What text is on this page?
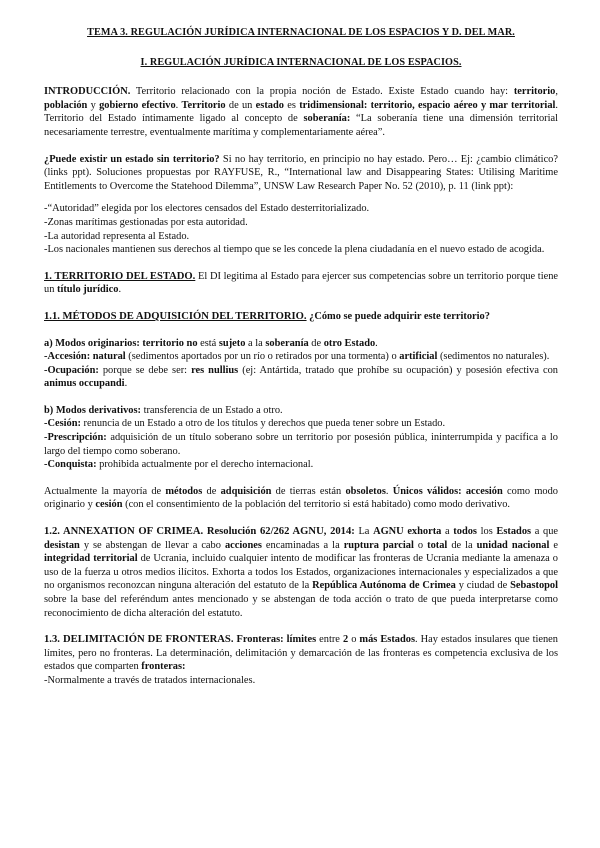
TEMA 3. REGULACIÓN JURÍDICA INTERNACIONAL DE LOS ESPACIOS Y D. DEL MAR.

I. REGULACIÓN JURÍDICA INTERNACIONAL DE LOS ESPACIOS.

INTRODUCCIÓN. Territorio relacionado con la propia noción de Estado. Existe Estado cuando hay: territorio, población y gobierno efectivo. Territorio de un estado es tridimensional: territorio, espacio aéreo y mar territorial. Territorio del Estado íntimamente ligado al concepto de soberanía: “La soberanía tiene una dimensión territorial necesariamente terrestre, eventualmente marítima y complementariamente aérea”.

¿Puede existir un estado sin territorio? Si no hay territorio, en principio no hay estado. Pero… Ej: ¿cambio climático? (links ppt). Soluciones propuestas por RAYFUSE, R., “International law and Disappearing States: Utilising Maritime Entitlements to Overcome the Statehood Dilemma”, UNSW Law Research Paper No. 52 (2010), p. 11 (link ppt):

-“Autoridad” elegida por los electores censados del Estado desterritorializado.

-Zonas marítimas gestionadas por esta autoridad.

-La autoridad representa al Estado.

-Los nacionales mantienen sus derechos al tiempo que se les concede la plena ciudadanía en el nuevo estado de acogida.

1. TERRITORIO DEL ESTADO. El DI legitima al Estado para ejercer sus competencias sobre un territorio porque tiene un título jurídico.

1.1. MÉTODOS DE ADQUISICIÓN DEL TERRITORIO. ¿Cómo se puede adquirir este territorio?

a) Modos originarios: territorio no está sujeto a la soberanía de otro Estado.

-Accesión: natural (sedimentos aportados por un río o retirados por una tormenta) o artificial (sedimentos no naturales).

-Ocupación: porque se debe ser: res nullius (ej: Antártida, tratado que prohíbe su ocupación) y posesión efectiva con animus occupandi.

b) Modos derivativos: transferencia de un Estado a otro.

-Cesión: renuncia de un Estado a otro de los títulos y derechos que pueda tener sobre un Estado.

-Prescripción: adquisición de un título soberano sobre un territorio por posesión pública, ininterrumpida y pacífica a lo largo del tiempo como soberano.

-Conquista: prohibida actualmente por el derecho internacional.

Actualmente la mayoría de métodos de adquisición de tierras están obsoletos. Únicos válidos: accesión como modo originario y cesión (con el consentimiento de la población del territorio si está habitado) como modo derivativo.

1.2. ANNEXATION OF CRIMEA. Resolución 62/262 AGNU, 2014: La AGNU exhorta a todos los Estados a que desistan y se abstengan de llevar a cabo acciones encaminadas a la ruptura parcial o total de la unidad nacional e integridad territorial de Ucrania, incluido cualquier intento de modificar las fronteras de Ucrania mediante la amenaza o uso de la fuerza u otros medios ilícitos. Exhorta a todos los Estados, organizaciones internacionales y especializados a que no organismos reconozcan ninguna alteración del estatuto de la República Autónoma de Crimea y ciudad de Sebastopol sobre la base del referéndum antes mencionado y se abstengan de toda acción o trato de que pueda interpretarse como reconocimiento de dicha alteración del estatuto.

1.3. DELIMITACIÓN DE FRONTERAS. Fronteras: límites entre 2 o más Estados. Hay estados insulares que tienen límites, pero no fronteras. La determinación, delimitación y demarcación de las fronteras es competencia exclusiva de los estados que comparten fronteras:

-Normalmente a través de tratados internacionales.
